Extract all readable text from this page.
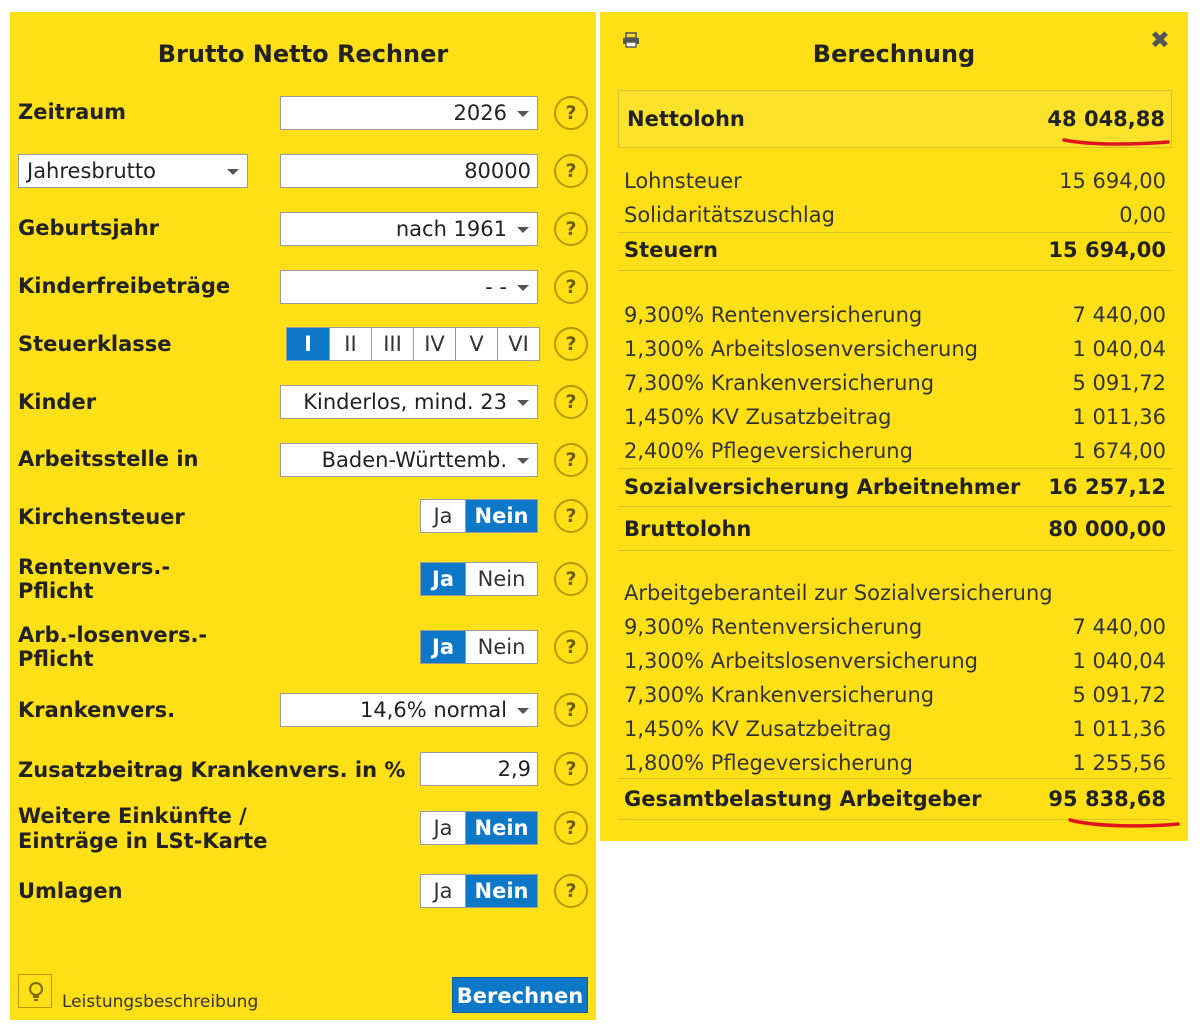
Brutto Netto Rechner
Zeitraum	2026	?
Jahresbrutto	80000	?
Geburtsjahr	nach 1961	?
Kinderfreibeträge	- -	?
Steuerklasse	I	II	III	IV	V	VI	?
Kinder	Kinderlos, mind. 23	?
Arbeitsstelle in	Baden-Württemb.	?
Kirchensteuer	Ja	Nein	?
Rentenvers.-
Pflicht	Ja	Nein	?
Arb.-losenvers.-
Pflicht	Ja	Nein	?
Krankenvers.	14,6% normal	?
Zusatzbeitrag Krankenvers. in %	2,9	?
Weitere Einkünfte /
Einträge in LSt-Karte
Ja	Nein	?
Umlagen	Ja	Nein	?
Leistungsbeschreibung	Berechnen
Berechnung	✖
Nettolohn	48 048,88
Lohnsteuer	15 694,00
Solidaritätszuschlag	0,00
Steuern	15 694,00
9,300% Rentenversicherung	7 440,00
1,300% Arbeitslosenversicherung	1 040,04
7,300% Krankenversicherung	5 091,72
1,450% KV Zusatzbeitrag	1 011,36
2,400% Pflegeversicherung	1 674,00
Sozialversicherung Arbeitnehmer 16 257,12
Bruttolohn	80 000,00
Arbeitgeberanteil zur Sozialversicherung
9,300% Rentenversicherung	7 440,00
1,300% Arbeitslosenversicherung	1 040,04
7,300% Krankenversicherung	5 091,72
1,450% KV Zusatzbeitrag	1 011,36
1,800% Pflegeversicherung	1 255,56
Gesamtbelastung Arbeitgeber	95 838,68
